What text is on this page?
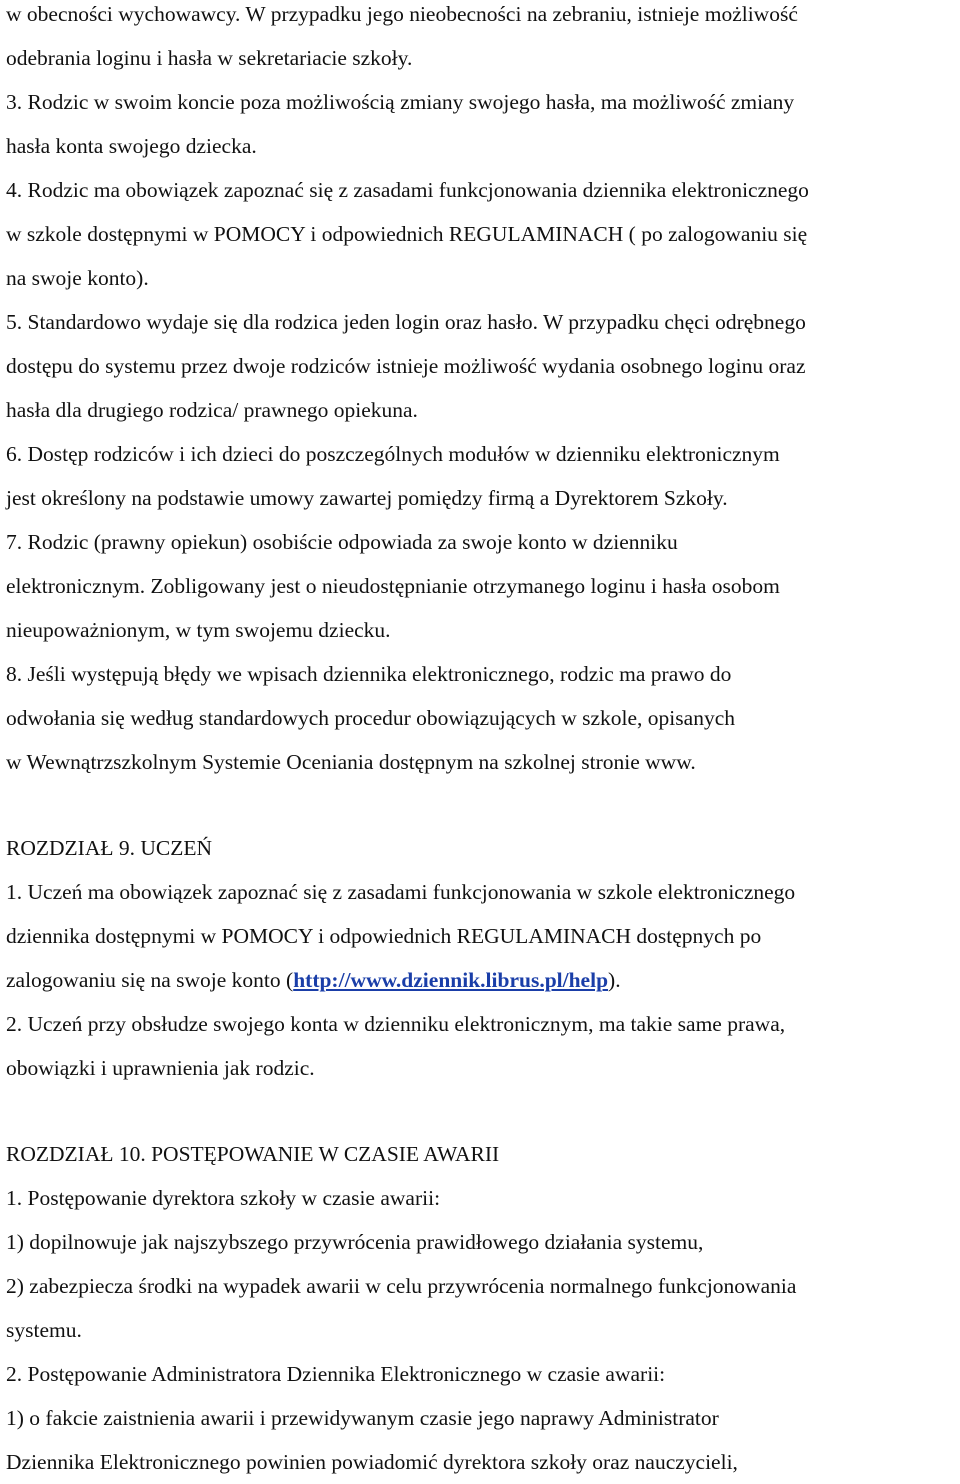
w obecności wychowawcy. W przypadku jego nieobecności na zebraniu, istnieje możliwość
odebrania loginu i hasła w sekretariacie szkoły.
3. Rodzic w swoim koncie poza możliwością zmiany swojego hasła, ma możliwość zmiany
hasła konta swojego dziecka.
4. Rodzic ma obowiązek zapoznać się z zasadami funkcjonowania dziennika elektronicznego
w szkole dostępnymi w POMOCY i odpowiednich REGULAMINACH ( po zalogowaniu się
na swoje konto).
5. Standardowo wydaje się dla rodzica jeden login oraz hasło. W przypadku chęci odrębnego
dostępu do systemu przez dwoje rodziców istnieje możliwość wydania osobnego loginu oraz
hasła dla drugiego rodzica/ prawnego opiekuna.
6. Dostęp rodziców i ich dzieci do poszczególnych modułów w dzienniku elektronicznym
jest określony na podstawie umowy zawartej pomiędzy firmą a Dyrektorem Szkoły.
7. Rodzic (prawny opiekun) osobiście odpowiada za swoje konto w dzienniku
elektronicznym. Zobligowany jest o nieudostępnianie otrzymanego loginu i hasła osobom
nieupoważnionym, w tym swojemu dziecku.
8. Jeśli występują błędy we wpisach dziennika elektronicznego, rodzic ma prawo do
odwołania się według standardowych procedur obowiązujących w szkole, opisanych
w Wewnątrzszkolnym Systemie Oceniania dostępnym na szkolnej stronie www.
ROZDZIAŁ 9. UCZEŃ
1. Uczeń ma obowiązek zapoznać się z zasadami funkcjonowania w szkole elektronicznego
dziennika dostępnymi w POMOCY i odpowiednich REGULAMINACH dostępnych po
zalogowaniu się na swoje konto (http://www.dziennik.librus.pl/help).
2. Uczeń przy obsłudze swojego konta w dzienniku elektronicznym, ma takie same prawa,
obowiązki i uprawnienia jak rodzic.
ROZDZIAŁ 10. POSTĘPOWANIE W CZASIE AWARII
1. Postępowanie dyrektora szkoły w czasie awarii:
1) dopilnowuje jak najszybszego przywrócenia prawidłowego działania systemu,
2) zabezpiecza środki na wypadek awarii w celu przywrócenia normalnego funkcjonowania
systemu.
2. Postępowanie Administratora Dziennika Elektronicznego w czasie awarii:
1) o fakcie zaistnienia awarii i przewidywanym czasie jego naprawy Administrator
Dziennika Elektronicznego powinien powiadomić dyrektora szkoły oraz nauczycieli,
